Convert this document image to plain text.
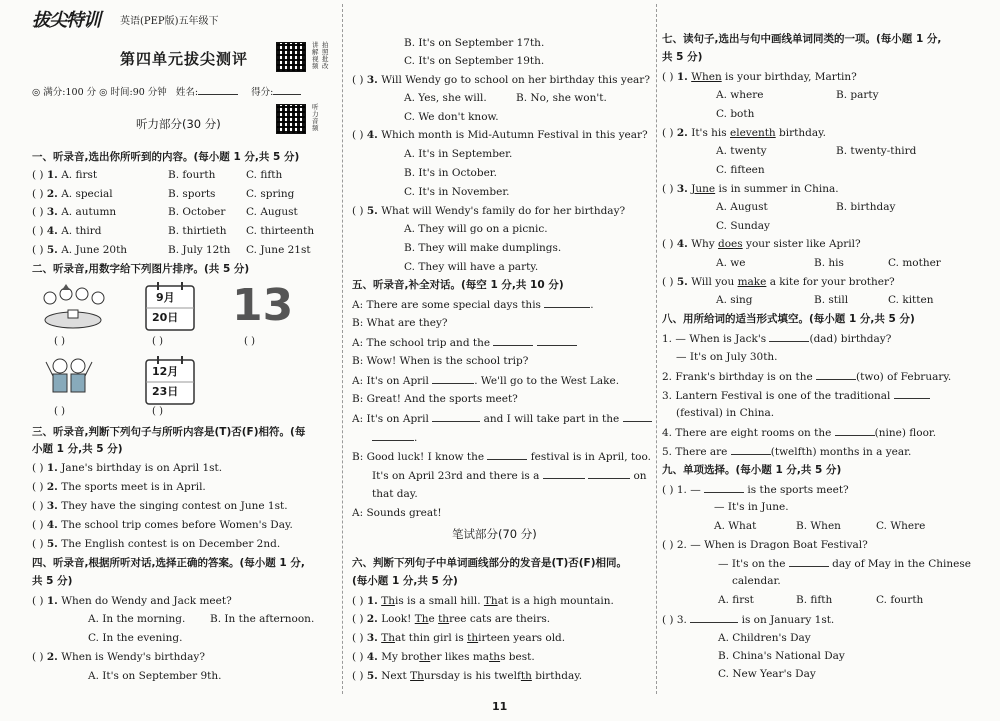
拔尖特训 英语(PEP版)五年级下
第四单元拔尖测评
讲解视频
拍照批改
听力音频
◎ 满分:100 分 ◎ 时间:90 分钟 姓名:	得分:
听力部分(30 分)
一、听录音,选出你所听到的内容。(每小题 1 分,共 5 分)
( ) 1. A. first	B. fourth	C. fifth
( ) 2. A. special	B. sports	C. spring
( ) 3. A. autumn	B. October C. August
( ) 4. A. third	B. thirtieth C. thirteenth
( ) 5. A. June 20th	B. July 12th C. June 21st
二、听录音,用数字给下列图片排序。(共 5 分)
9月
20日 13
( )	( )	( )
12月
23日
( )	( )
三、听录音,判断下列句子与所听内容是(T)否(F)相符。(每
小题 1 分,共 5 分)
( ) 1. Jane's birthday is on April 1st.
( ) 2. The sports meet is in April.
( ) 3. They have the singing contest on June 1st.
( ) 4. The school trip comes before Women's Day.
( ) 5. The English contest is on December 2nd.
四、听录音,根据所听对话,选择正确的答案。(每小题 1 分,
共 5 分)
( ) 1. When do Wendy and Jack meet?
A. In the morning. B. In the afternoon.
C. In the evening.
( ) 2. When is Wendy's birthday?
A. It's on September 9th.
B. It's on September 17th.
C. It's on September 19th.
( ) 3. Will Wendy go to school on her birthday this year?
A. Yes, she will.	B. No, she won't.
C. We don't know.
( ) 4. Which month is Mid-Autumn Festival in this year?
A. It's in September.
B. It's in October.
C. It's in November.
( ) 5. What will Wendy's family do for her birthday?
A. They will go on a picnic.
B. They will make dumplings.
C. They will have a party.
五、听录音,补全对话。(每空 1 分,共 10 分)
A: There are some special days this	.
B: What are they?
A: The school trip and the
B: Wow! When is the school trip?
A: It's on April	. We'll go to the West Lake.
B: Great! And the sports meet?
A: It's on April	and I will take part in the
.
B: Good luck! I know the	festival is in April, too.
It's on April 23rd and there is a	on
that day.
A: Sounds great!
笔试部分(70 分)
六、判断下列句子中单词画线部分的发音是(T)否(F)相同。
(每小题 1 分,共 5 分)
( ) 1. This is a small hill. That is a high mountain.
( ) 2. Look! The three cats are theirs.
( ) 3. That thin girl is thirteen years old.
( ) 4. My brother likes maths best.
( ) 5. Next Thursday is his twelfth birthday.
七、读句子,选出与句中画线单词同类的一项。(每小题 1 分,
共 5 分)
( ) 1. When is your birthday, Martin?
A. where	B. party
C. both
( ) 2. It's his eleventh birthday.
A. twenty	B. twenty-third
C. fifteen
( ) 3. June is in summer in China.
A. August	B. birthday
C. Sunday
( ) 4. Why does your sister like April?
A. we	B. his	C. mother
( ) 5. Will you make a kite for your brother?
A. sing	B. still	C. kitten
八、用所给词的适当形式填空。(每小题 1 分,共 5 分)
1. — When is Jack's	(dad) birthday?
— It's on July 30th.
2. Frank's birthday is on the	(two) of February.
3. Lantern Festival is one of the traditional
(festival) in China.
4. There are eight rooms on the	(nine) floor.
5. There are	(twelfth) months in a year.
九、单项选择。(每小题 1 分,共 5 分)
( ) 1. —	is the sports meet?
— It's in June.
A. What	B. When	C. Where
( ) 2. — When is Dragon Boat Festival?
— It's on the	day of May in the Chinese
calendar.
A. first	B. fifth	C. fourth
( ) 3.	is on January 1st.
A. Children's Day
B. China's National Day
C. New Year's Day
11
